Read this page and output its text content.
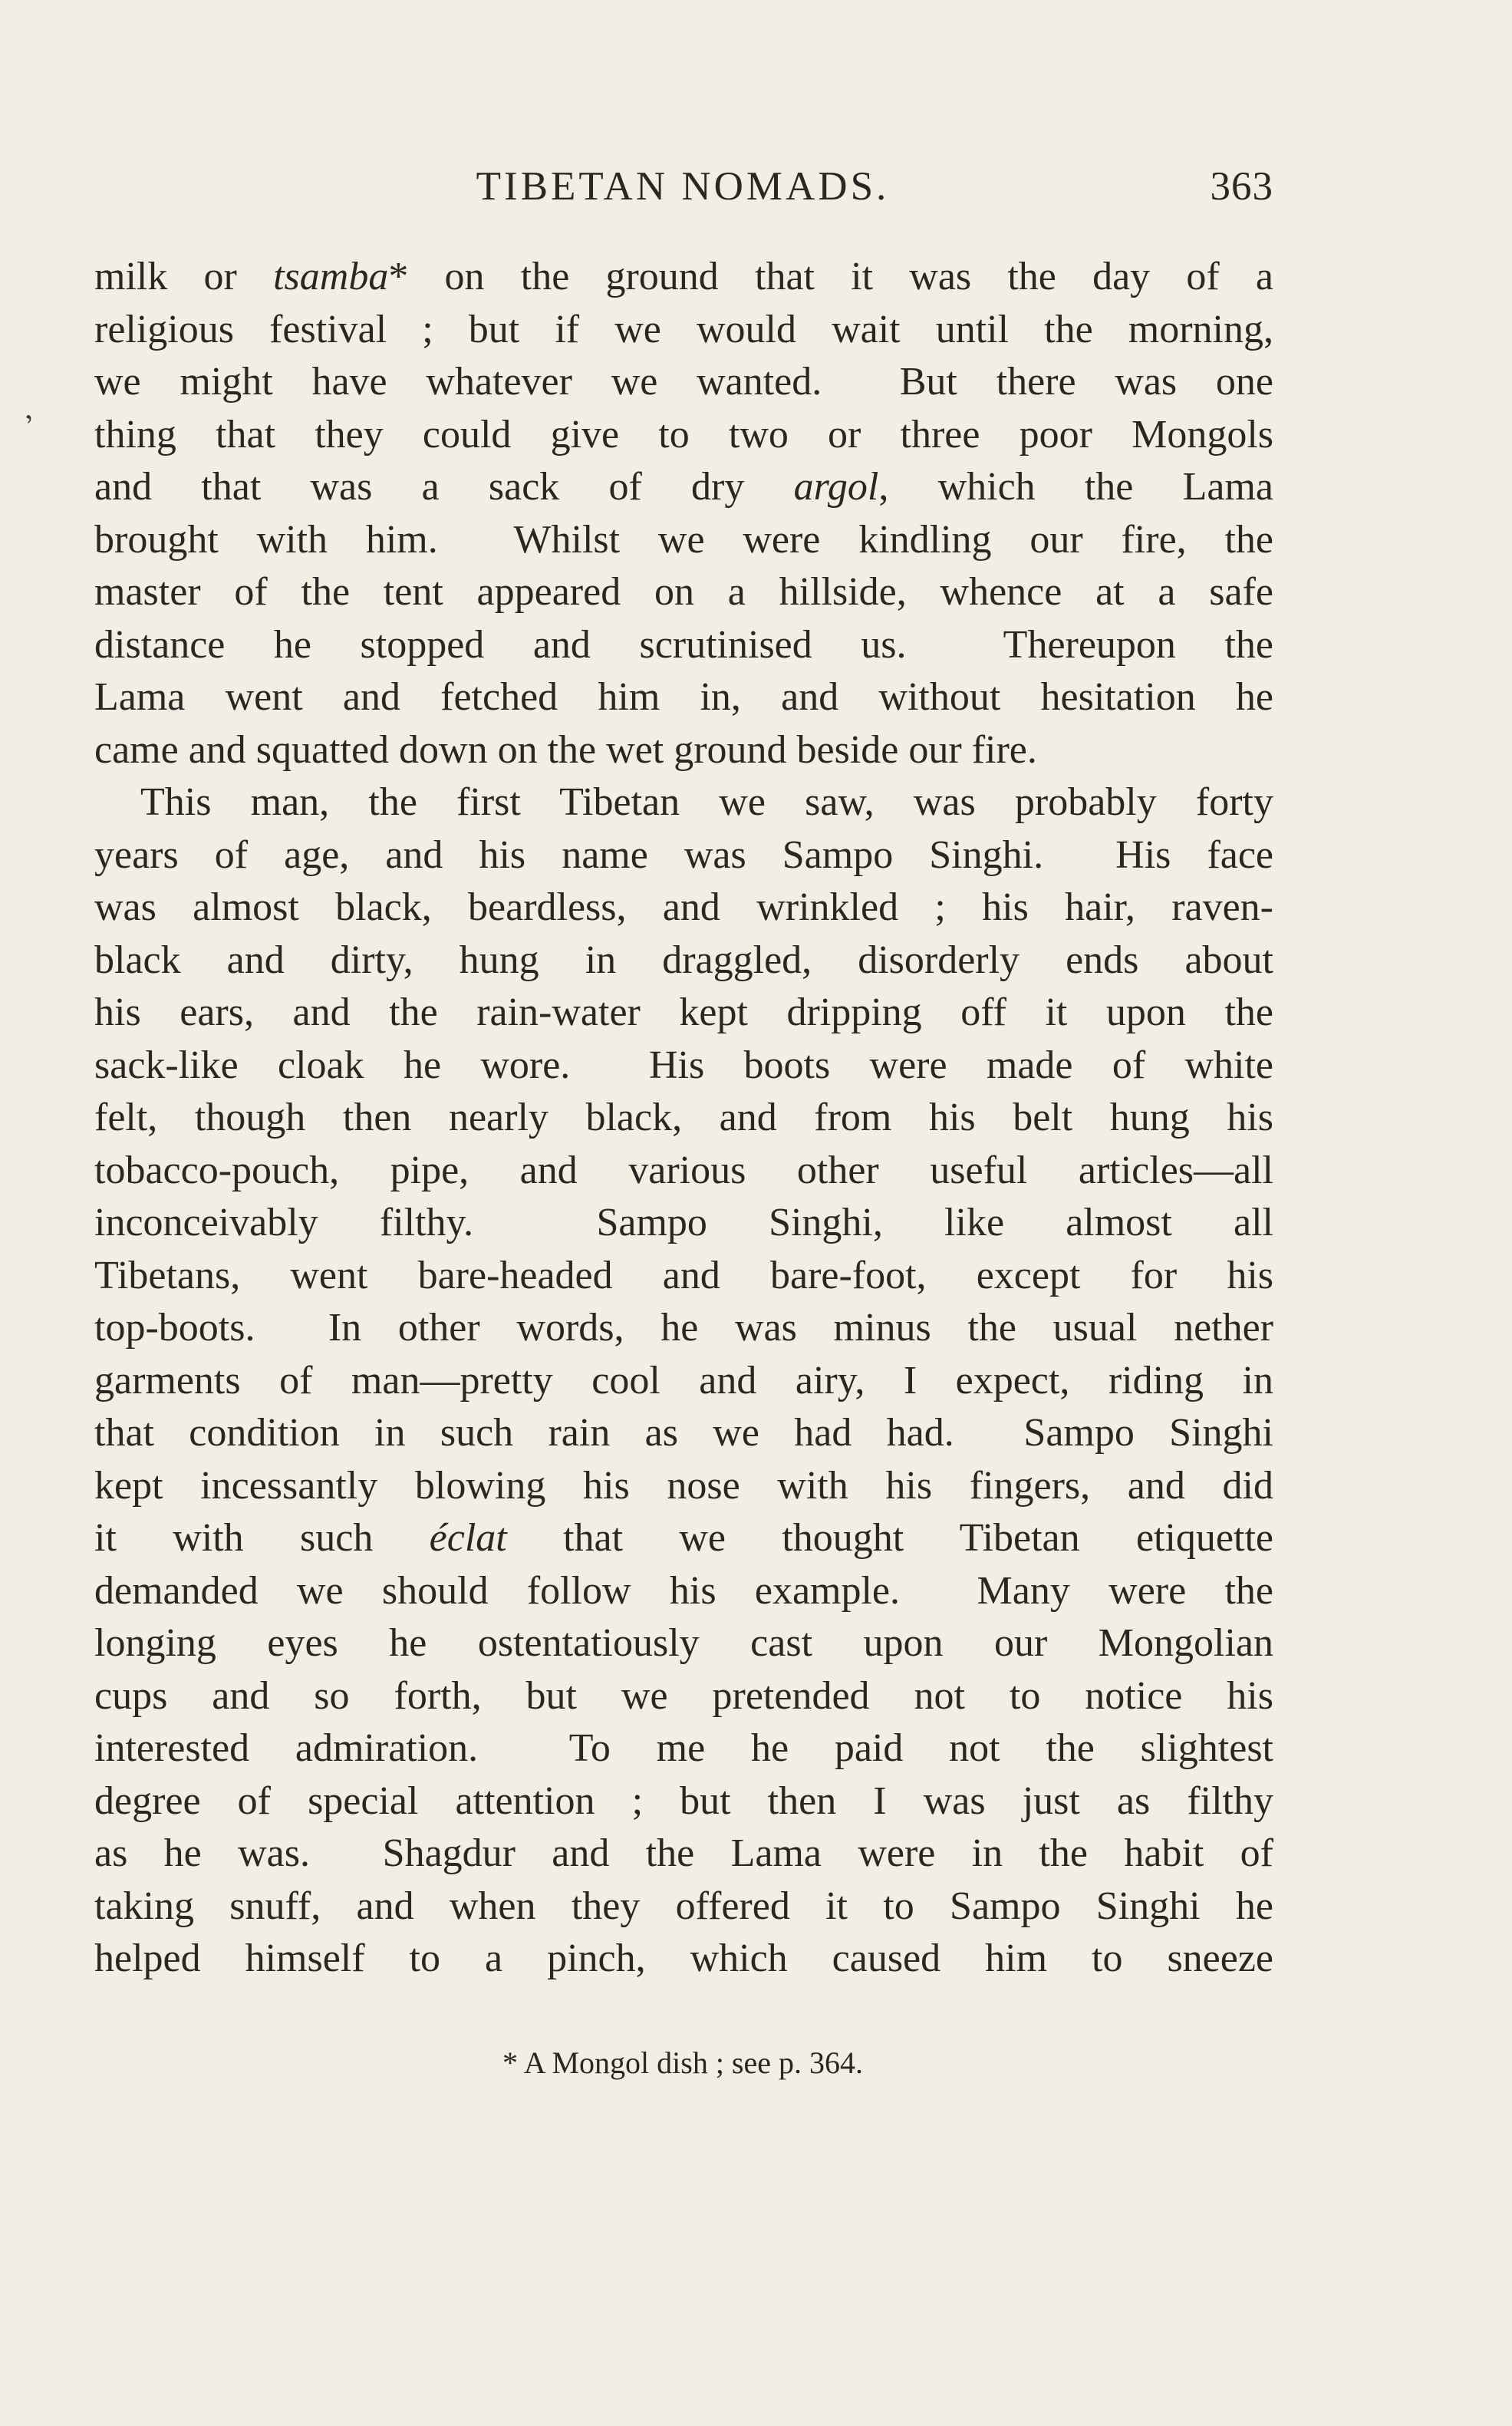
TIBETAN NOMADS.	363
ʼ
milk or tsamba* on the ground that it was the day of a
religious festival ; but if we would wait until the morning,
we might have whatever we wanted.  But there was one
thing that they could give to two or three poor Mongols
and that was a sack of dry argol, which the Lama
brought with him.  Whilst we were kindling our fire, the
master of the tent appeared on a hillside, whence at a safe
distance he stopped and scrutinised us.  Thereupon the
Lama went and fetched him in, and without hesitation he
came and squatted down on the wet ground beside our fire.
This man, the first Tibetan we saw, was probably forty
years of age, and his name was Sampo Singhi.  His face
was almost black, beardless, and wrinkled ; his hair, raven-
black and dirty, hung in draggled, disorderly ends about
his ears, and the rain-water kept dripping off it upon the
sack-like cloak he wore.  His boots were made of white
felt, though then nearly black, and from his belt hung his
tobacco-pouch, pipe, and various other useful articles—all
inconceivably filthy.  Sampo Singhi, like almost all
Tibetans, went bare-headed and bare-foot, except for his
top-boots.  In other words, he was minus the usual nether
garments of man—pretty cool and airy, I expect, riding in
that condition in such rain as we had had.  Sampo Singhi
kept incessantly blowing his nose with his fingers, and did
it with such éclat that we thought Tibetan etiquette
demanded we should follow his example.  Many were the
longing eyes he ostentatiously cast upon our Mongolian
cups and so forth, but we pretended not to notice his
interested admiration.  To me he paid not the slightest
degree of special attention ; but then I was just as filthy
as he was.  Shagdur and the Lama were in the habit of
taking snuff, and when they offered it to Sampo Singhi he
helped himself to a pinch, which caused him to sneeze
* A Mongol dish ; see p. 364.
